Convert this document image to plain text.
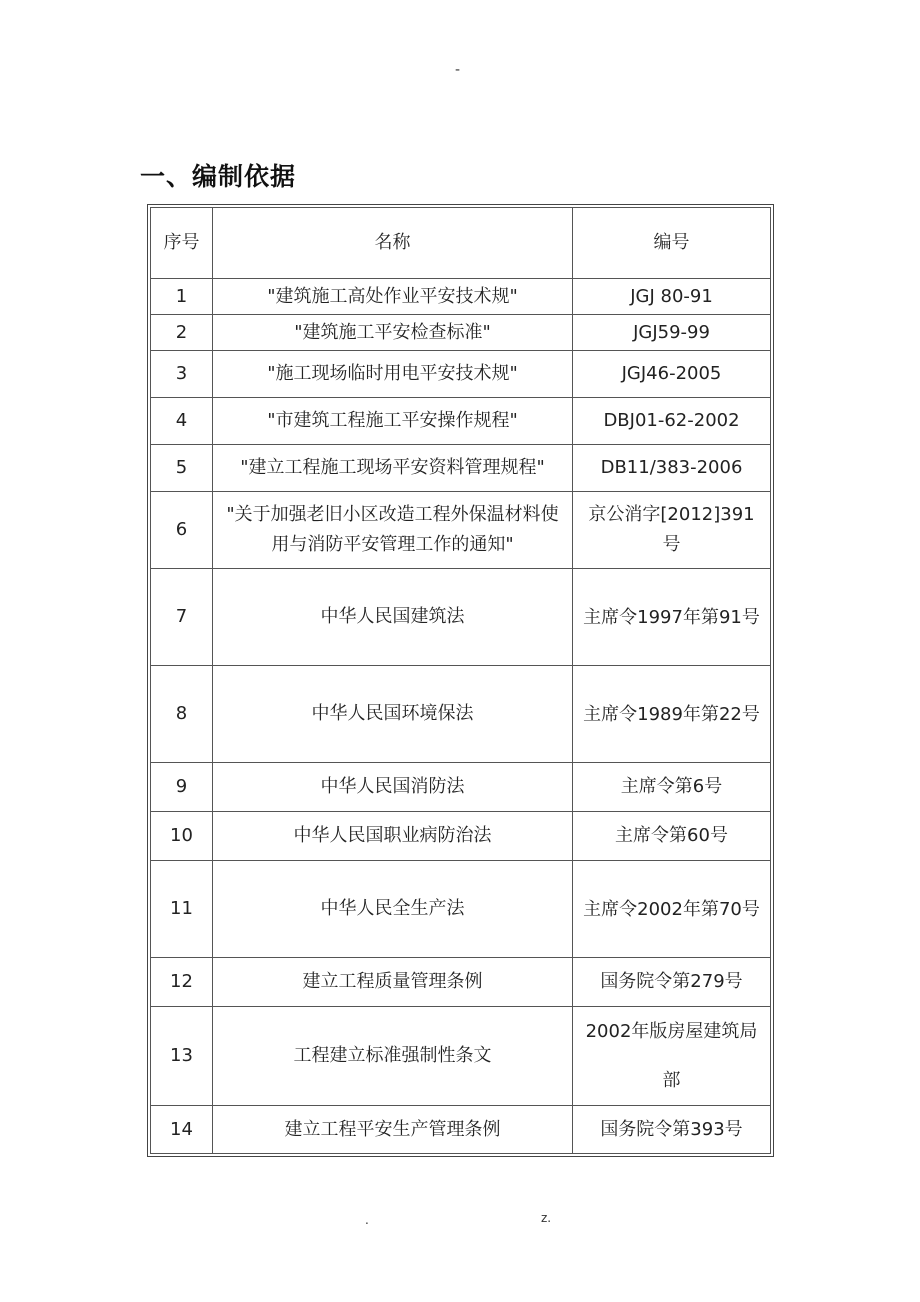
-
一、编制依据
序号	名称	编号
1	"建筑施工高处作业平安技术规"	JGJ 80-91
2	"建筑施工平安检查标准"	JGJ59-99
3	"施工现场临时用电平安技术规"	JGJ46-2005
4	"市建筑工程施工平安操作规程"	DBJ01-62-2002
5	"建立工程施工现场平安资料管理规程"	DB11/383-2006
6	"关于加强老旧小区改造工程外保温材料使用与消防平安管理工作的通知"	京公消字[2012]391号
7	中华人民国建筑法	主席令1997年第91号
8	中华人民国环境保法	主席令1989年第22号
9	中华人民国消防法	主席令第6号
10	中华人民国职业病防治法	主席令第60号
11	中华人民全生产法	主席令2002年第70号
12	建立工程质量管理条例	国务院令第279号
13	工程建立标准强制性条文	2002年版房屋建筑局部
14	建立工程平安生产管理条例	国务院令第393号
.	z.
